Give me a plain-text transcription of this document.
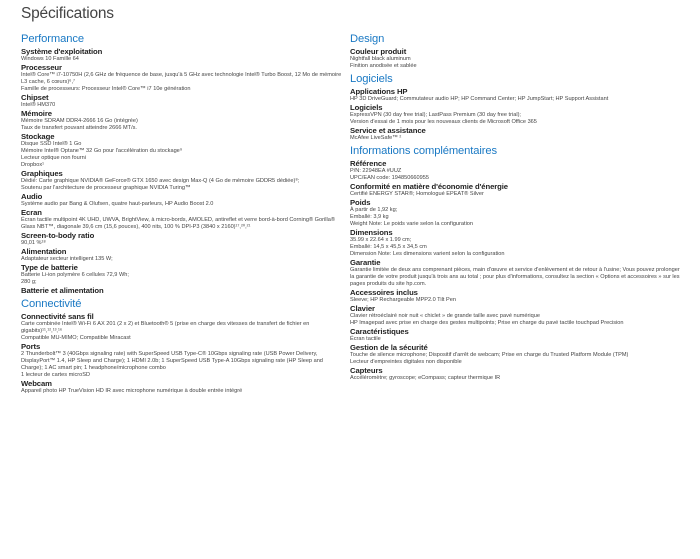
Spécifications
Performance
Système d'exploitation
Windows 10 Famille 64
Processeur
Intel® Core™ i7-10750H (2,6 GHz de fréquence de base, jusqu'à 5 GHz avec technologie Intel® Turbo Boost, 12 Mo de mémoire L3 cache, 6 cœurs)⁶,⁷
Famille de processeurs: Processeur Intel® Core™ i7 10e génération
Chipset
Intel® HM370
Mémoire
Mémoire SDRAM DDR4-2666 16 Go (intégrée)
Taux de transfert pouvant atteindre 2666 MT/s.
Stockage
Disque SSD Intel® 1 Go
Mémoire Intel® Optane™ 32 Go pour l'accélération du stockage⁹
Lecteur optique non fourni
Dropbox¹
Graphiques
Dédié: Carte graphique NVIDIA® GeForce® GTX 1650 avec design Max-Q (4 Go de mémoire GDDR5 dédiée)⁸;
Soutenu par l'architecture de processeur graphique NVIDIA Turing™
Audio
Système audio par Bang & Olufsen, quatre haut-parleurs, HP Audio Boost 2.0
Ecran
Écran tactile multipoint 4K UHD, UWVA, BrightView, à micro-bords, AMOLED, antireflet et verre bord-à-bord Corning® Gorilla® Glass NBT™, diagonale 39,6 cm (15,6 pouces), 400 nits, 100 % DPI-P3 (3840 x 2160)¹⁷,²⁰,²¹
Screen-to-body ratio
90,01 %¹⁸
Alimentation
Adaptateur secteur intelligent 135 W;
Type de batterie
Batterie Li-ion polymère 6 cellules 72,9 Wh;
280 g;
Batterie et alimentation
Connectivité
Connectivité sans fil
Carte combinée Intel® Wi-Fi 6 AX 201 (2 x 2) et Bluetooth® 5 (prise en charge des vitesses de transfert de fichier en gigabits)¹¹,¹²,¹³,¹⁶
Compatible MU-MIMO; Compatible Miracast
Ports
2 Thunderbolt™ 3 (40Gbps signaling rate) with SuperSpeed USB Type-C® 10Gbps signaling rate (USB Power Delivery, DisplayPort™ 1.4, HP Sleep and Charge); 1 HDMI 2.0b; 1 SuperSpeed USB Type-A 10Gbps signaling rate (HP Sleep and Charge); 1 AC smart pin; 1 headphone/microphone combo
1 lecteur de cartes microSD
Webcam
Appareil photo HP TrueVision HD IR avec microphone numérique à double entrée intégré
Design
Couleur produit
Nightfall black aluminum
Finition anodisée et sablée
Logiciels
Applications HP
HP 3D DriveGuard; Commutateur audio HP; HP Command Center; HP JumpStart; HP Support Assistant
Logiciels
ExpressVPN (30 day free trial); LastPass Premium (30 day free trial);
Version d'essai de 1 mois pour les nouveaux clients de Microsoft Office 365
Service et assistance
McAfee LiveSafe™ ²
Informations complémentaires
Référence
P/N: 22948EA #UUZ
UPC/EAN code: 194850660955
Conformité en matière d'économie d'énergie
Certifié ENERGY STAR®; Homologué EPEAT® Silver
Poids
À partir de 1,92 kg;
Emballé: 3,9 kg
Weight Note: Le poids varie selon la configuration
Dimensions
35.99 x 22.64 x 1.99 cm;
Emballé: 14,5 x 45,5 x 34,5 cm
Dimension Note: Les dimensions varient selon la configuration
Garantie
Garantie limitée de deux ans comprenant pièces, main d'œuvre et service d'enlèvement et de retour à l'usine; Vous pouvez prolonger la garantie de votre produit jusqu'à trois ans au total ; pour plus d'informations, consultez la section « Options et accessoires » sur les pages produits du site hp.com.
Accessoires inclus
Sleeve; HP Rechargeable MPP2.0 Tilt Pen
Clavier
Clavier rétroéclairé noir nuit « chiclet » de grande taille avec pavé numérique
HP Imagepad avec prise en charge des gestes multipoints; Prise en charge du pavé tactile touchpad Precision
Caractéristiques
Écran tactile
Gestion de la sécurité
Touche de silence microphone; Dispositif d'arrêt de webcam; Prise en charge du Trusted Platform Module (TPM)
Lecteur d'empreintes digitales non disponible
Capteurs
Accéléromètre; gyroscope; eCompass; capteur thermique IR
